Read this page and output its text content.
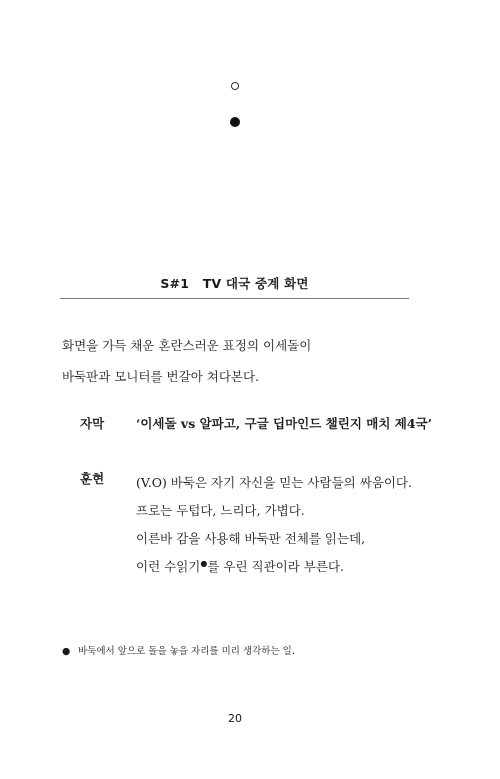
S#1   TV 대국 중계 화면
화면을 가득 채운 혼란스러운 표정의 이세돌이
바둑판과 모니터를 번갈아 쳐다본다.
자막	‘이세돌 vs 알파고, 구글 딥마인드 챌린지 매치 제4국’
훈현	(V.O) 바둑은 자기 자신을 믿는 사람들의 싸움이다.
프로는 두텁다, 느리다, 가볍다.
이른바 감을 사용해 바둑판 전체를 읽는데,
이런 수읽기●를 우린 직관이라 부른다.
● 바둑에서 앞으로 돌을 놓을 자리를 미리 생각하는 일.
20
